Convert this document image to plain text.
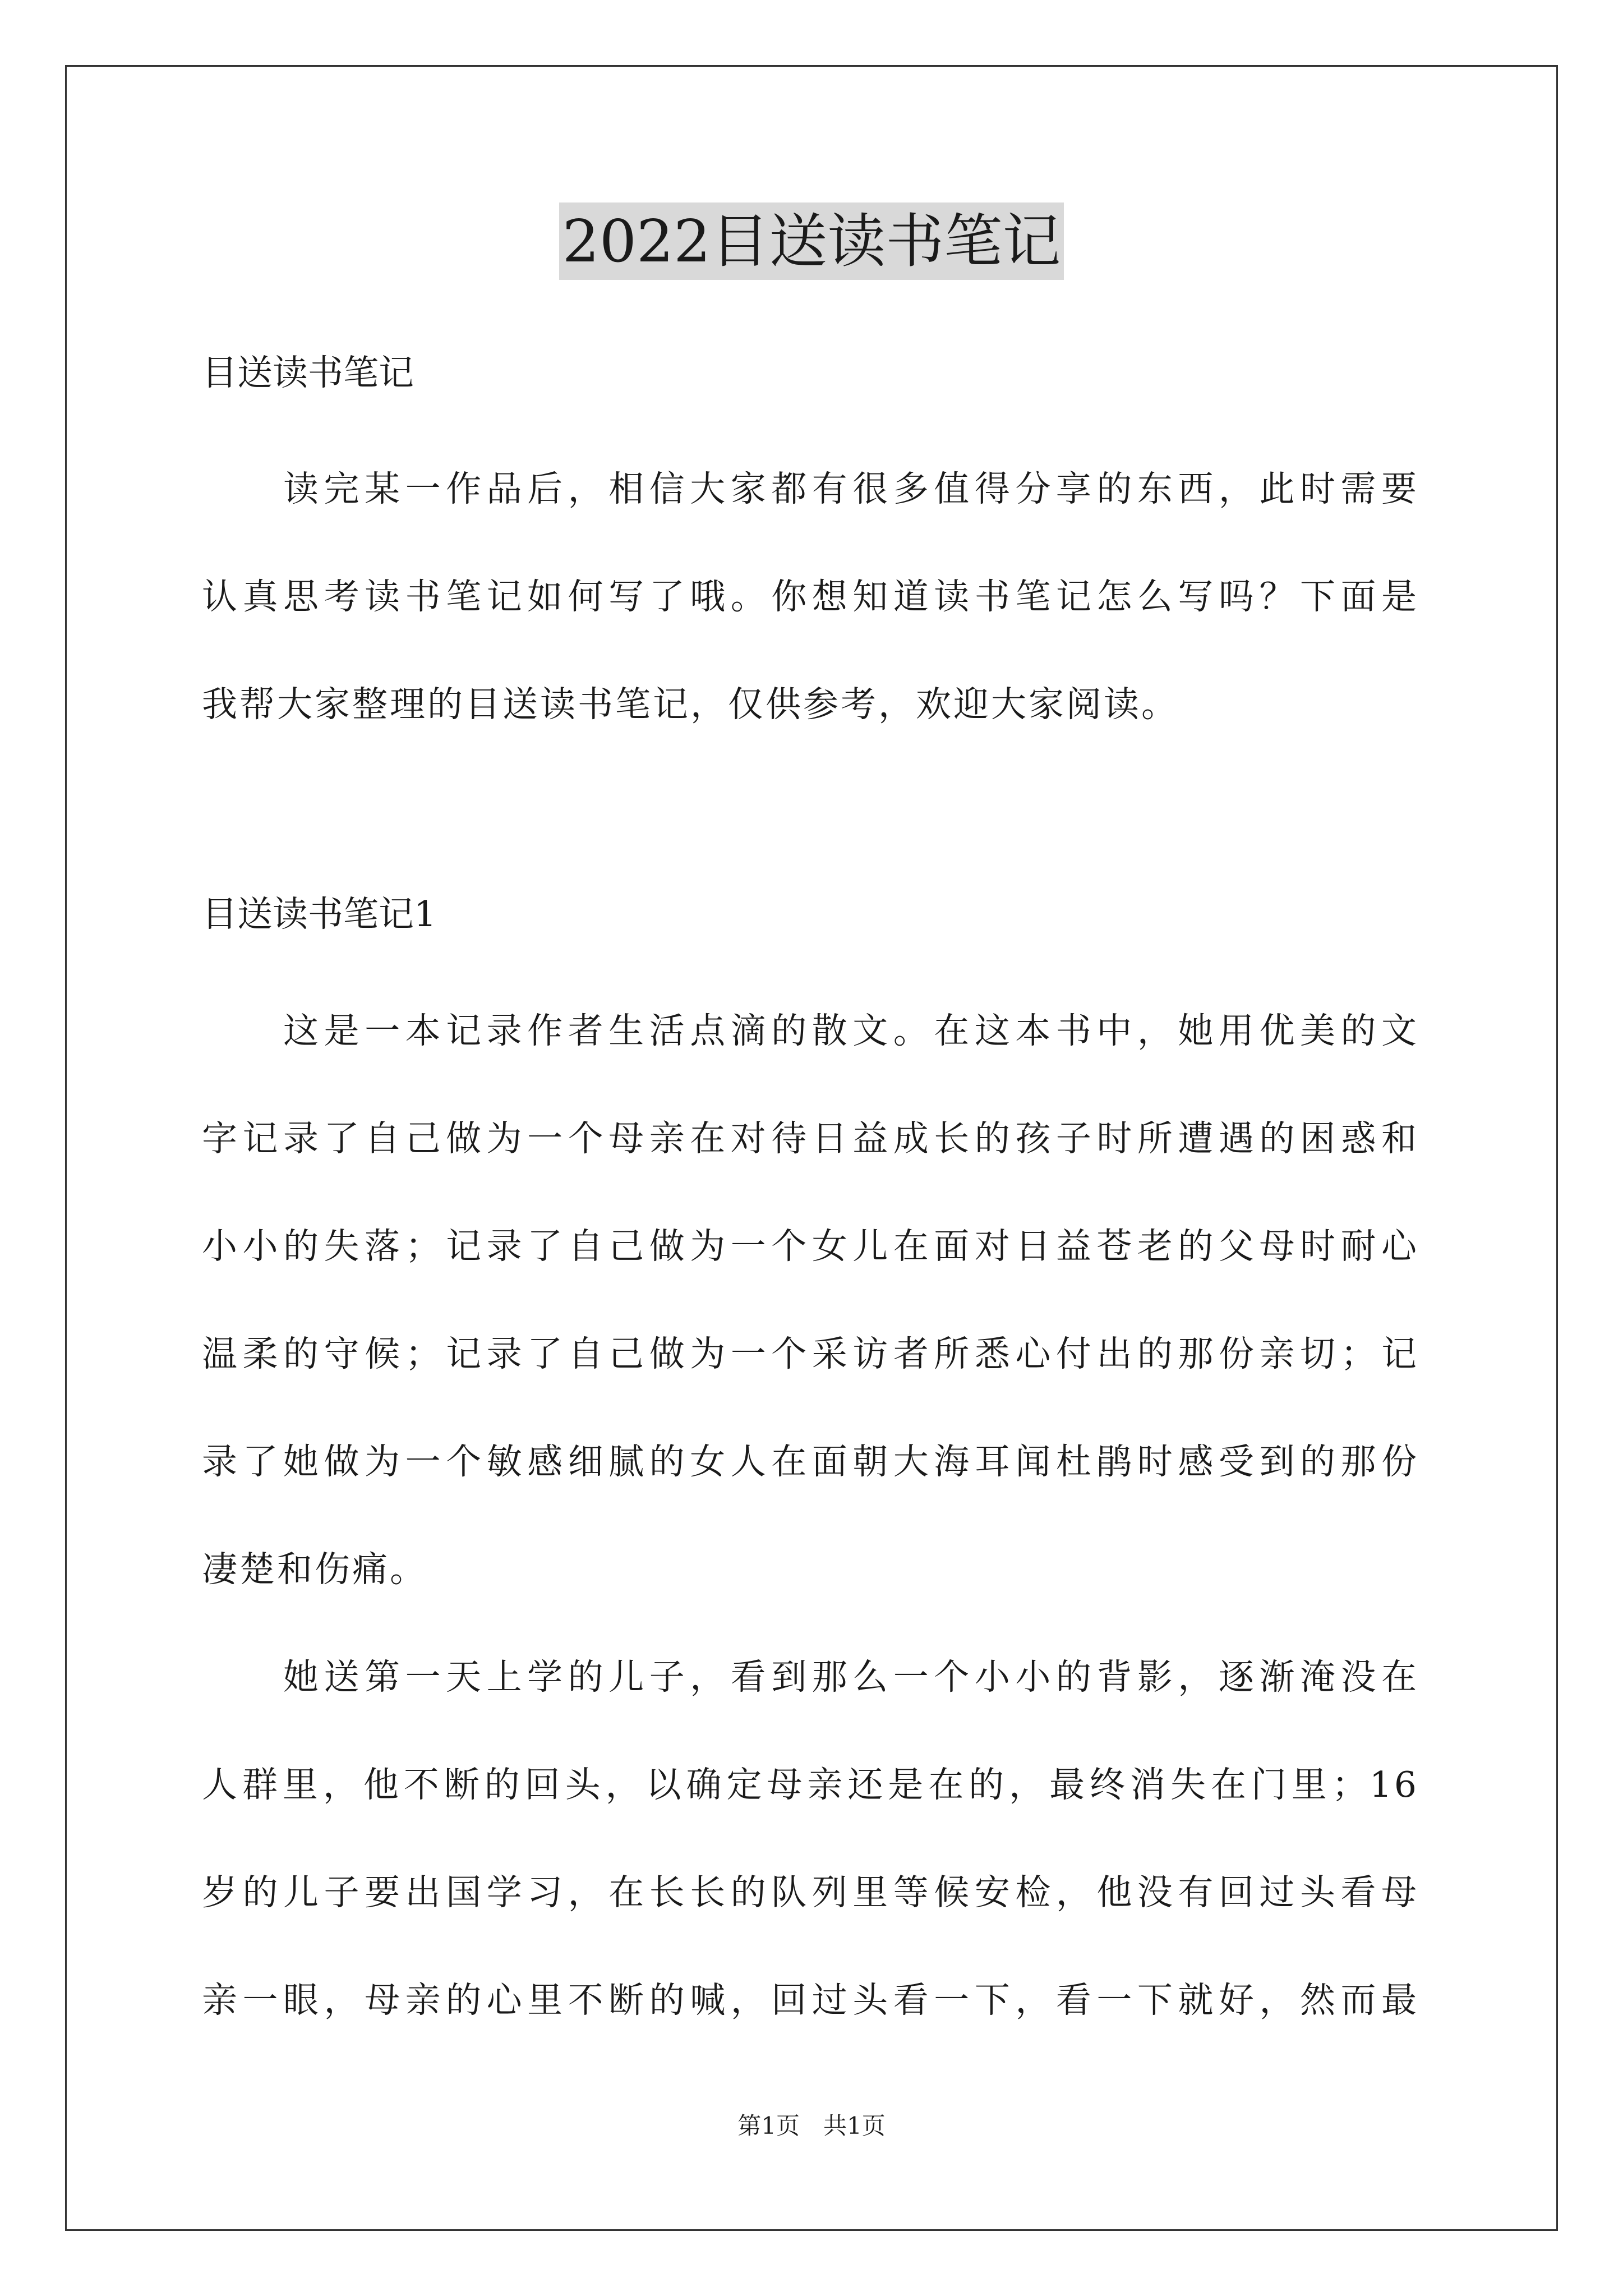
2022目送读书笔记
目送读书笔记
　　读完某一作品后，相信大家都有很多值得分享的东西，此时需要
认真思考读书笔记如何写了哦。你想知道读书笔记怎么写吗？下面是
我帮大家整理的目送读书笔记，仅供参考，欢迎大家阅读。
目送读书笔记1
　　这是一本记录作者生活点滴的散文。在这本书中，她用优美的文
字记录了自己做为一个母亲在对待日益成长的孩子时所遭遇的困惑和
小小的失落；记录了自己做为一个女儿在面对日益苍老的父母时耐心
温柔的守候；记录了自己做为一个采访者所悉心付出的那份亲切；记
录了她做为一个敏感细腻的女人在面朝大海耳闻杜鹃时感受到的那份
凄楚和伤痛。
　　她送第一天上学的儿子，看到那么一个小小的背影，逐渐淹没在
人群里，他不断的回头，以确定母亲还是在的，最终消失在门里；16
岁的儿子要出国学习，在长长的队列里等候安检，他没有回过头看母
亲一眼，母亲的心里不断的喊，回过头看一下，看一下就好，然而最
第1页　共1页
